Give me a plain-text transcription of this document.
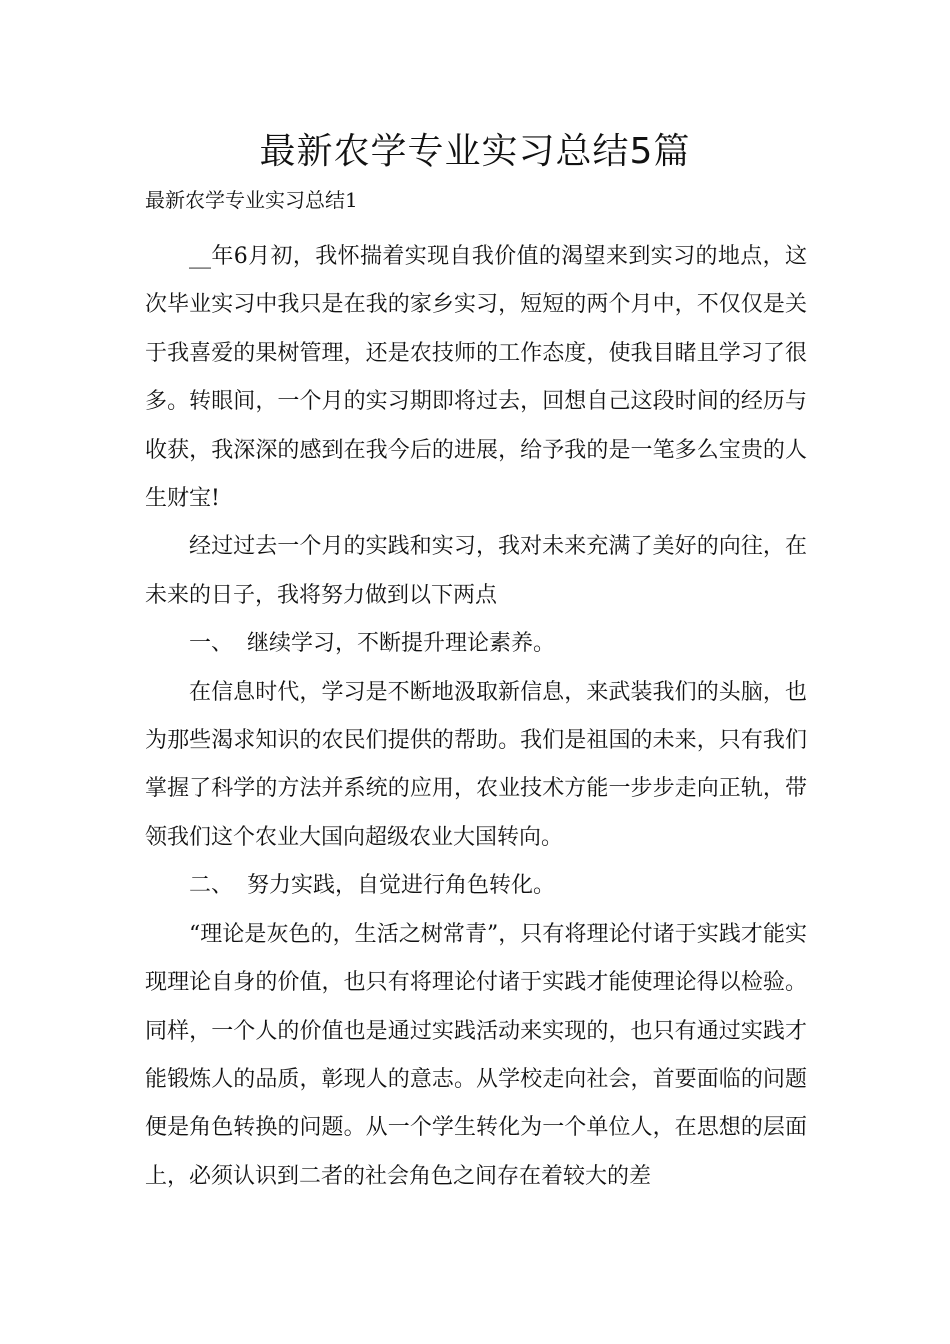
最新农学专业实习总结5篇
最新农学专业实习总结1

__年6月初，我怀揣着实现自我价值的渴望来到实习的地点，这次毕业实习中我只是在我的家乡实习，短短的两个月中，不仅仅是关于我喜爱的果树管理，还是农技师的工作态度，使我目睹且学习了很多。转眼间，一个月的实习期即将过去，回想自己这段时间的经历与收获，我深深的感到在我今后的进展，给予我的是一笔多么宝贵的人生财宝!

经过过去一个月的实践和实习，我对未来充满了美好的向往，在未来的日子，我将努力做到以下两点

一、  继续学习，不断提升理论素养。

在信息时代，学习是不断地汲取新信息，来武装我们的头脑，也为那些渴求知识的农民们提供的帮助。我们是祖国的未来，只有我们掌握了科学的方法并系统的应用，农业技术方能一步步走向正轨，带领我们这个农业大国向超级农业大国转向。

二、  努力实践，自觉进行角色转化。

“理论是灰色的，生活之树常青”，只有将理论付诸于实践才能实现理论自身的价值，也只有将理论付诸于实践才能使理论得以检验。同样，一个人的价值也是通过实践活动来实现的，也只有通过实践才能锻炼人的品质，彰现人的意志。从学校走向社会，首要面临的问题便是角色转换的问题。从一个学生转化为一个单位人，在思想的层面上，必须认识到二者的社会角色之间存在着较大的差
